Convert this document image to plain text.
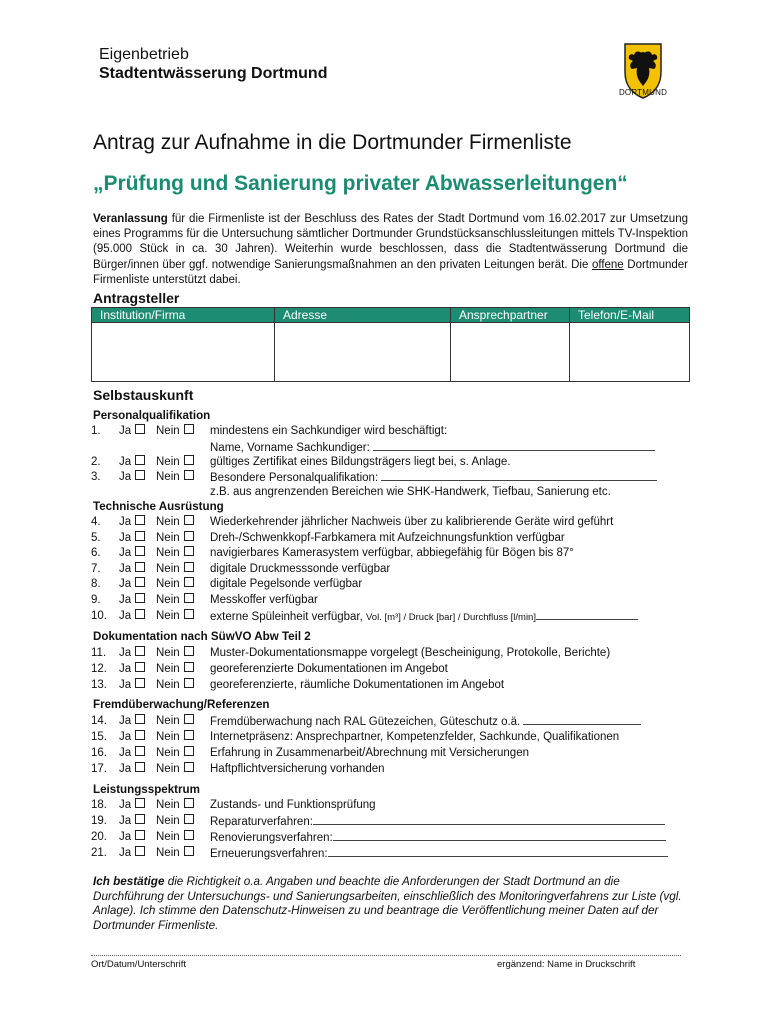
Eigenbetrieb
Stadtentwässerung Dortmund
DORTMUND
Antrag zur Aufnahme in die Dortmunder Firmenliste
„Prüfung und Sanierung privater Abwasserleitungen“
Veranlassung für die Firmenliste ist der Beschluss des Rates der Stadt Dortmund vom 16.02.2017 zur Umsetzung eines Programms für die Untersuchung sämtlicher Dortmunder Grundstücksanschlussleitungen mittels TV-Inspektion (95.000 Stück in ca. 30 Jahren). Weiterhin wurde beschlossen, dass die Stadtentwässerung Dortmund die Bürger/innen über ggf. notwendige Sanierungsmaßnahmen an den privaten Leitungen berät. Die offene Dortmunder Firmenliste unterstützt dabei.
Antragsteller
Institution/Firma	Adresse	Ansprechpartner	Telefon/E-Mail

Selbstauskunft
Personalqualifikation
1. Ja	Nein	mindestens ein Sachkundiger wird beschäftigt:
Name, Vorname Sachkundiger:
2. Ja	Nein	gültiges Zertifikat eines Bildungsträgers liegt bei, s. Anlage.
3. Ja	Nein	Besondere Personalqualifikation:
z.B. aus angrenzenden Bereichen wie SHK-Handwerk, Tiefbau, Sanierung etc.
Technische Ausrüstung
4. Ja	Nein	Wiederkehrender jährlicher Nachweis über zu kalibrierende Geräte wird geführt
5. Ja	Nein	Dreh-/Schwenkkopf-Farbkamera mit Aufzeichnungsfunktion verfügbar
6. Ja	Nein	navigierbares Kamerasystem verfügbar, abbiegefähig für Bögen bis 87°
7. Ja	Nein	digitale Druckmesssonde verfügbar
8. Ja	Nein	digitale Pegelsonde verfügbar
9. Ja	Nein	Messkoffer verfügbar
10. Ja	Nein	externe Spüleinheit verfügbar, Vol. [m³] / Druck [bar] / Durchfluss [l/min]
Dokumentation nach SüwVO Abw Teil 2
11. Ja	Nein	Muster-Dokumentationsmappe vorgelegt (Bescheinigung, Protokolle, Berichte)
12. Ja	Nein	georeferenzierte Dokumentationen im Angebot
13. Ja	Nein	georeferenzierte, räumliche Dokumentationen im Angebot
Fremdüberwachung/Referenzen
14. Ja	Nein	Fremdüberwachung nach RAL Gütezeichen, Güteschutz o.ä.
15. Ja	Nein	Internetpräsenz: Ansprechpartner, Kompetenzfelder, Sachkunde, Qualifikationen
16. Ja	Nein	Erfahrung in Zusammenarbeit/Abrechnung mit Versicherungen
17. Ja	Nein	Haftpflichtversicherung vorhanden
Leistungsspektrum
18. Ja	Nein	Zustands- und Funktionsprüfung
19. Ja	Nein	Reparaturverfahren:
20. Ja	Nein	Renovierungsverfahren:
21. Ja	Nein	Erneuerungsverfahren:
Ich bestätige die Richtigkeit o.a. Angaben und beachte die Anforderungen der Stadt Dortmund an die Durchführung der Untersuchungs- und Sanierungsarbeiten, einschließlich des Monitoringverfahrens zur Liste (vgl. Anlage). Ich stimme den Datenschutz-Hinweisen zu und beantrage die Veröffentlichung meiner Daten auf der Dortmunder Firmenliste.
Ort/Datum/Unterschrift	ergänzend: Name in Druckschrift
